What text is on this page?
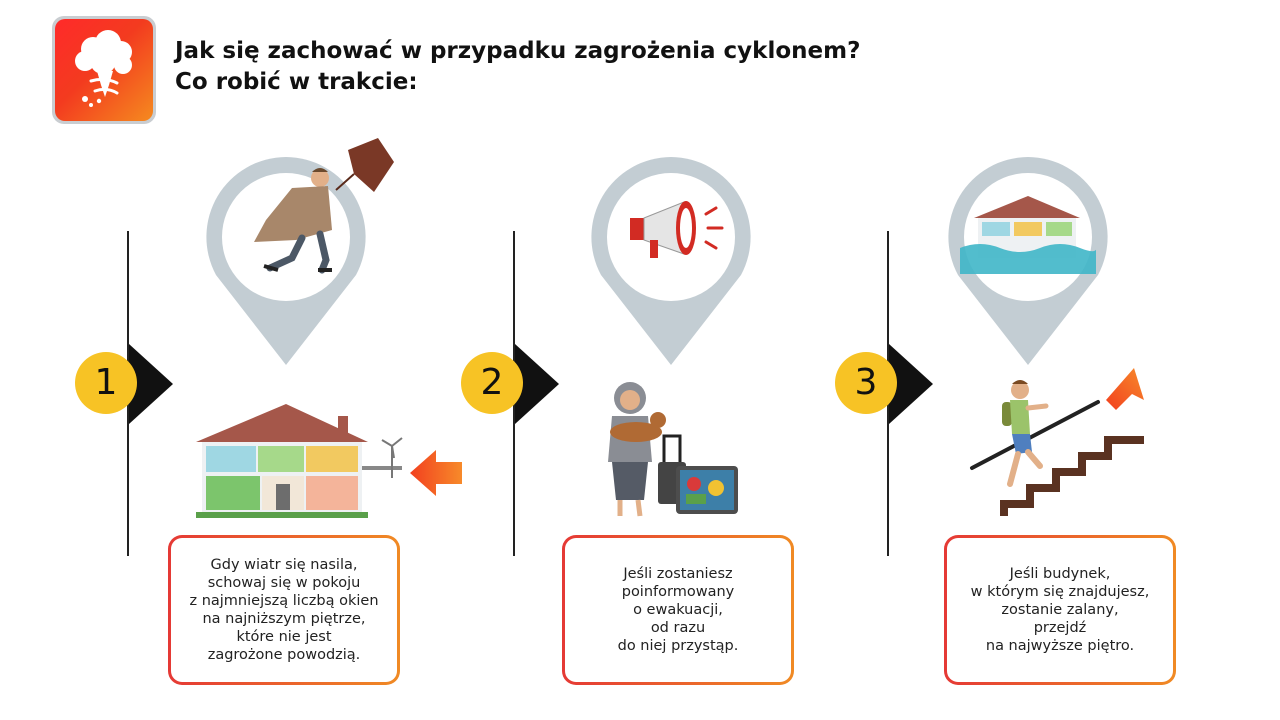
Jak się zachować w przypadku zagrożenia cyklonem?
Co robić w trakcie:
1
Gdy wiatr się nasila,
schowaj się w pokoju
z najmniejszą liczbą okien
na najniższym piętrze,
które nie jest
zagrożone powodzią.
2
Jeśli zostaniesz
poinformowany
o ewakuacji,
od razu
do niej przystąp.
3
Jeśli budynek,
w którym się znajdujesz,
zostanie zalany,
przejdź
na najwyższe piętro.
